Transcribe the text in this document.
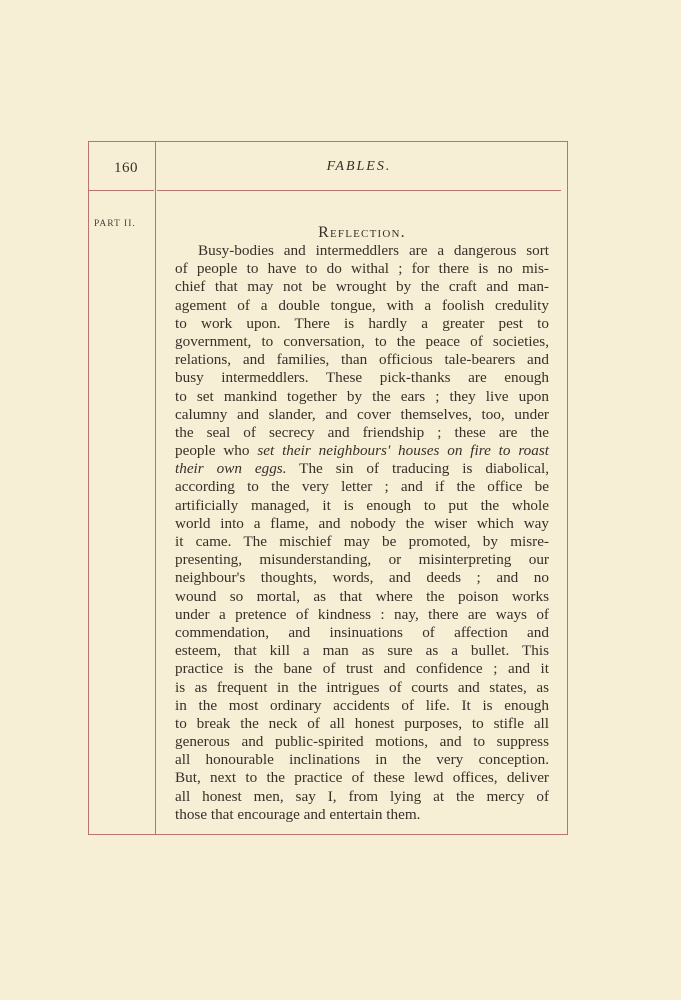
160	FABLES.
PART II.	Reflection.
Busy-bodies and intermeddlers are a dangerous sort
of people to have to do withal ; for there is no mis-
chief that may not be wrought by the craft and man-
agement of a double tongue, with a foolish credulity
to work upon. There is hardly a greater pest to
government, to conversation, to the peace of societies,
relations, and families, than officious tale-bearers and
busy intermeddlers. These pick-thanks are enough
to set mankind together by the ears ; they live upon
calumny and slander, and cover themselves, too, under
the seal of secrecy and friendship ; these are the
people who set their neighbours' houses on fire to roast
their own eggs. The sin of traducing is diabolical,
according to the very letter ; and if the office be
artificially managed, it is enough to put the whole
world into a flame, and nobody the wiser which way
it came. The mischief may be promoted, by misre-
presenting, misunderstanding, or misinterpreting our
neighbour's thoughts, words, and deeds ; and no
wound so mortal, as that where the poison works
under a pretence of kindness : nay, there are ways of
commendation, and insinuations of affection and
esteem, that kill a man as sure as a bullet. This
practice is the bane of trust and confidence ; and it
is as frequent in the intrigues of courts and states, as
in the most ordinary accidents of life. It is enough
to break the neck of all honest purposes, to stifle all
generous and public-spirited motions, and to suppress
all honourable inclinations in the very conception.
But, next to the practice of these lewd offices, deliver
all honest men, say I, from lying at the mercy of
those that encourage and entertain them.
